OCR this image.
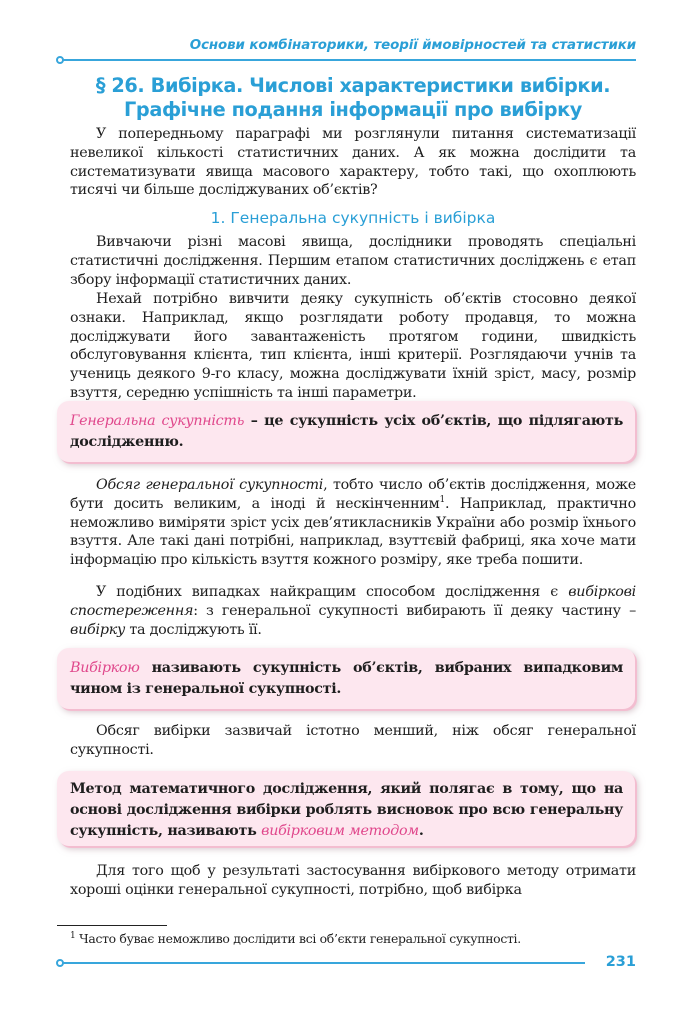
Основи комбінаторики, теорії ймовірностей та статистики
§ 26. Вибірка. Числові характеристики вибірки.
Графічне подання інформації про вибірку

У попередньому параграфі ми розглянули питання систематизації невеликої кількості статистичних даних. А як можна дослідити та систематизувати явища масового характеру, тобто такі, що охоплюють тисячі чи більше досліджуваних об’єктів?

1. Генеральна сукупність і вибірка

Вивчаючи різні масові явища, дослідники проводять спеціальні статистичні дослідження. Першим етапом статистичних досліджень є етап збору інформації статистичних даних.

Нехай потрібно вивчити деяку сукупність об’єктів стосовно деякої ознаки. Наприклад, якщо розглядати роботу продавця, то можна досліджувати його завантаженість протягом години, швидкість обслуговування клієнта, тип клієнта, інші критерії. Розглядаючи учнів та учениць деякого 9-го класу, можна досліджувати їхній зріст, масу, розмір взуття, середню успішність та інші параметри.

Генеральна сукупність – це сукупність усіх об’єктів, що підлягають дослідженню.

Обсяг генеральної сукупності, тобто число об’єктів дослідження, може бути досить великим, а іноді й нескінченним$^1$. Наприклад, практично неможливо виміряти зріст усіх дев’ятикласників України або розмір їхнього взуття. Але такі дані потрібні, наприклад, взуттєвій фабриці, яка хоче мати інформацію про кількість взуття кожного розміру, яке треба пошити.

У подібних випадках найкращим способом дослідження є вибіркові спостереження: з генеральної сукупності вибирають її деяку частину – вибірку та досліджують її.

Вибіркою називають сукупність об’єктів, вибраних випадковим чином із генеральної сукупності.

Обсяг вибірки зазвичай істотно менший, ніж обсяг генеральної сукупності.

Метод математичного дослідження, який полягає в тому, що на основі дослідження вибірки роблять висновок про всю генеральну сукупність, називають вибірковим методом.

Для того щоб у результаті застосування вибіркового методу отримати хороші оцінки генеральної сукупності, потрібно, щоб вибірка

$^1$ Часто буває неможливо дослідити всі об’єкти генеральної сукупності.
231
